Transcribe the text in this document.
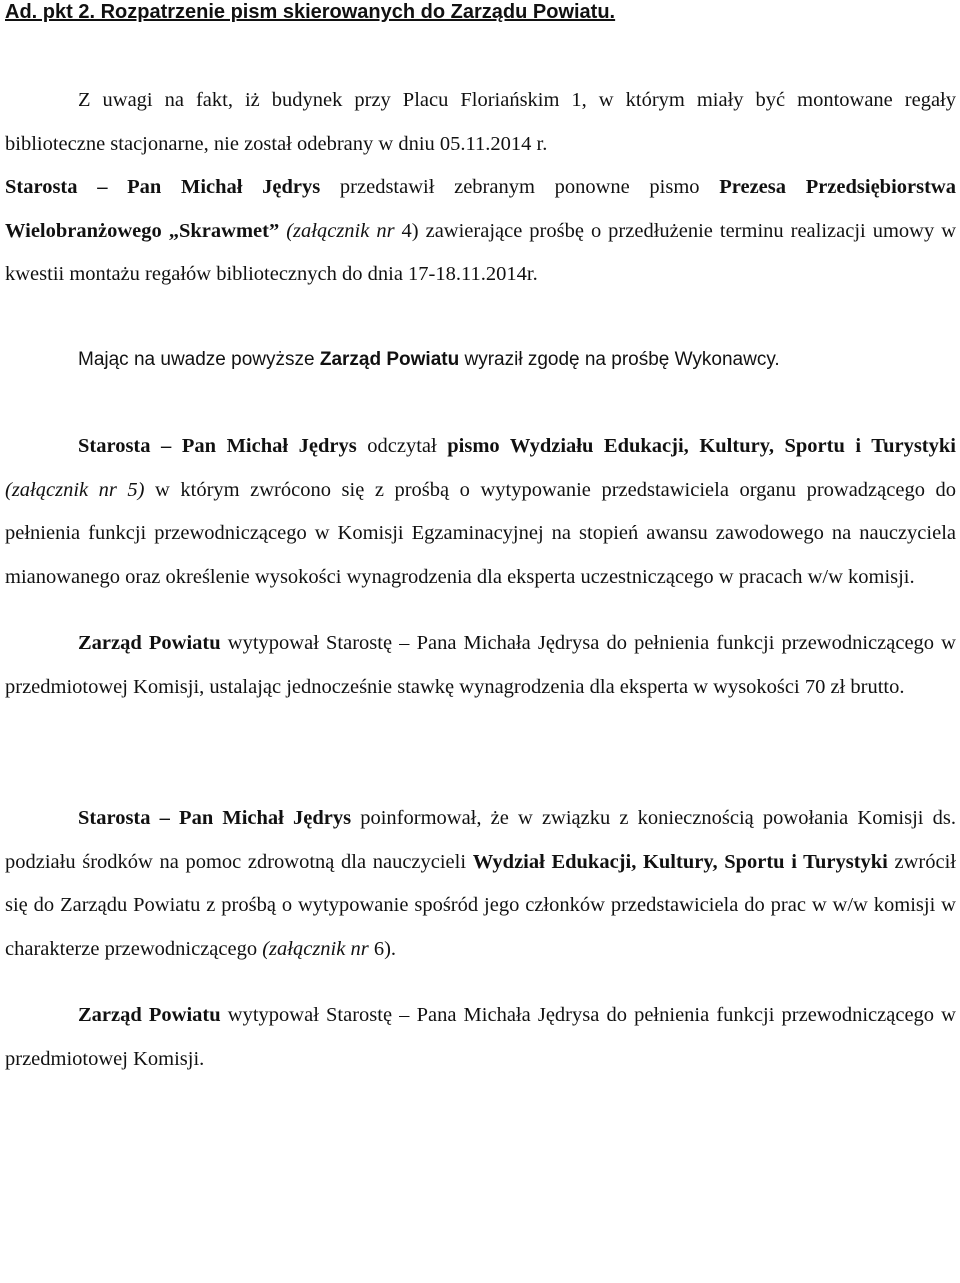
Ad. pkt 2. Rozpatrzenie pism skierowanych do Zarządu Powiatu.

Z uwagi na fakt, iż budynek przy Placu Floriańskim 1, w którym miały być montowane regały biblioteczne stacjonarne, nie został odebrany w dniu 05.11.2014 r.
Starosta – Pan Michał Jędrys przedstawił zebranym ponowne pismo Prezesa Przedsiębiorstwa Wielobranżowego „Skrawmet” (załącznik nr 4) zawierające prośbę o przedłużenie terminu realizacji umowy w kwestii montażu regałów bibliotecznych do dnia 17-18.11.2014r.

Mając na uwadze powyższe Zarząd Powiatu wyraził zgodę na prośbę Wykonawcy.

Starosta – Pan Michał Jędrys odczytał pismo Wydziału Edukacji, Kultury, Sportu i Turystyki (załącznik nr 5) w którym zwrócono się z prośbą o wytypowanie przedstawiciela organu prowadzącego do pełnienia funkcji przewodniczącego w Komisji Egzaminacyjnej na stopień awansu zawodowego na nauczyciela mianowanego oraz określenie wysokości wynagrodzenia dla eksperta uczestniczącego w pracach w/w komisji.

Zarząd Powiatu wytypował Starostę – Pana Michała Jędrysa do pełnienia funkcji przewodniczącego w przedmiotowej Komisji, ustalając jednocześnie stawkę wynagrodzenia dla eksperta w wysokości 70 zł brutto.

Starosta – Pan Michał Jędrys poinformował, że w związku z koniecznością powołania Komisji ds. podziału środków na pomoc zdrowotną dla nauczycieli Wydział Edukacji, Kultury, Sportu i Turystyki zwrócił się do Zarządu Powiatu z prośbą o wytypowanie spośród jego członków przedstawiciela do prac w w/w komisji w charakterze przewodniczącego (załącznik nr 6).

Zarząd Powiatu wytypował Starostę – Pana Michała Jędrysa do pełnienia funkcji przewodniczącego w przedmiotowej Komisji.
